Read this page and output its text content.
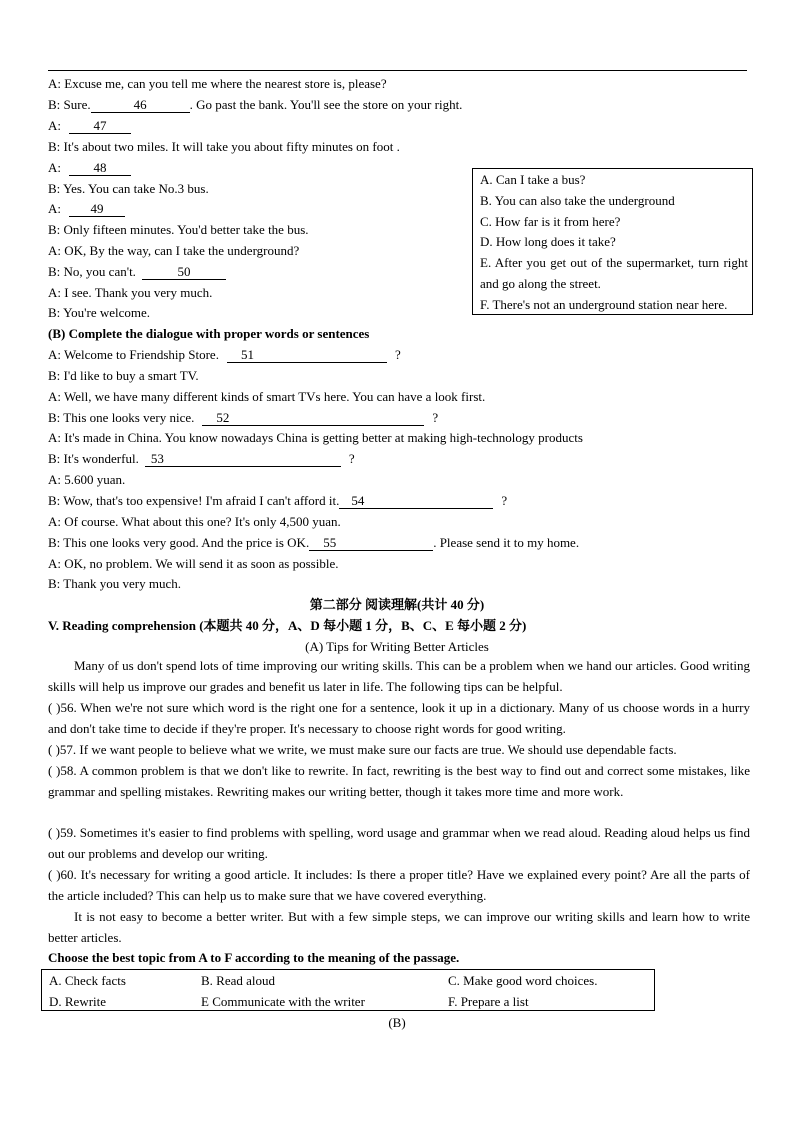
A: Excuse me, can you tell me where the nearest store is, please?
B: Sure.	46	. Go past the bank. You'll see the store on your right.
A:	47
B: It's about two miles. It will take you about fifty minutes on foot .
A:	48
B: Yes. You can take No.3 bus.
A: 49
B: Only fifteen minutes. You'd better take the bus.
A: OK, By the way, can I take the underground?
B: No, you can't.	50
A: I see. Thank you very much.
B: You're welcome.
A. Can I take a bus?
B. You can also take the underground
C. How far is it from here?
D. How long does it take?
E. After you get out of the supermarket, turn right and go along the street.
F. There's not an underground station near here.
(B) Complete the dialogue with proper words or sentences
A: Welcome to Friendship Store. 51	?
B: I'd like to buy a smart TV.
A: Well, we have many different kinds of smart TVs here. You can have a look first.
B: This one looks very nice. 52	?
A: It's made in China. You know nowadays China is getting better at making high-technology products
B: It's wonderful. 53	?
A: 5.600 yuan.
B: Wow, that's too expensive! I'm afraid I can't afford it. 54	?
A: Of course. What about this one? It's only 4,500 yuan.
B: This one looks very good. And the price is OK. 55	. Please send it to my home.
A: OK, no problem. We will send it as soon as possible.
B: Thank you very much.
第二部分 阅读理解(共计 40 分)
V. Reading comprehension (本题共 40 分，A、D 每小题 1 分，B、C、E 每小题 2 分)
(A) Tips for Writing Better Articles
Many of us don't spend lots of time improving our writing skills. This can be a problem when we hand our articles. Good writing skills will help us improve our grades and benefit us later in life. The following tips can be helpful.
( )56. When we're not sure which word is the right one for a sentence, look it up in a dictionary. Many of us choose words in a hurry and don't take time to decide if they're proper. It's necessary to choose right words for good writing.
( )57. If we want people to believe what we write, we must make sure our facts are true. We should use dependable facts.
( )58. A common problem is that we don't like to rewrite. In fact, rewriting is the best way to find out and correct some mistakes, like grammar and spelling mistakes. Rewriting makes our writing better, though it takes more time and more work.
( )59. Sometimes it's easier to find problems with spelling, word usage and grammar when we read aloud. Reading aloud helps us find out our problems and develop our writing.
( )60. It's necessary for writing a good article. It includes: Is there a proper title? Have we explained every point? Are all the parts of the article included? This can help us to make sure that we have covered everything.
It is not easy to become a better writer. But with a few simple steps, we can improve our writing skills and learn how to write better articles.
Choose the best topic from A to F according to the meaning of the passage.
A. Check facts	B. Read aloud	C. Make good word choices.
D. Rewrite	E Communicate with the writer	F. Prepare a list
(B)
